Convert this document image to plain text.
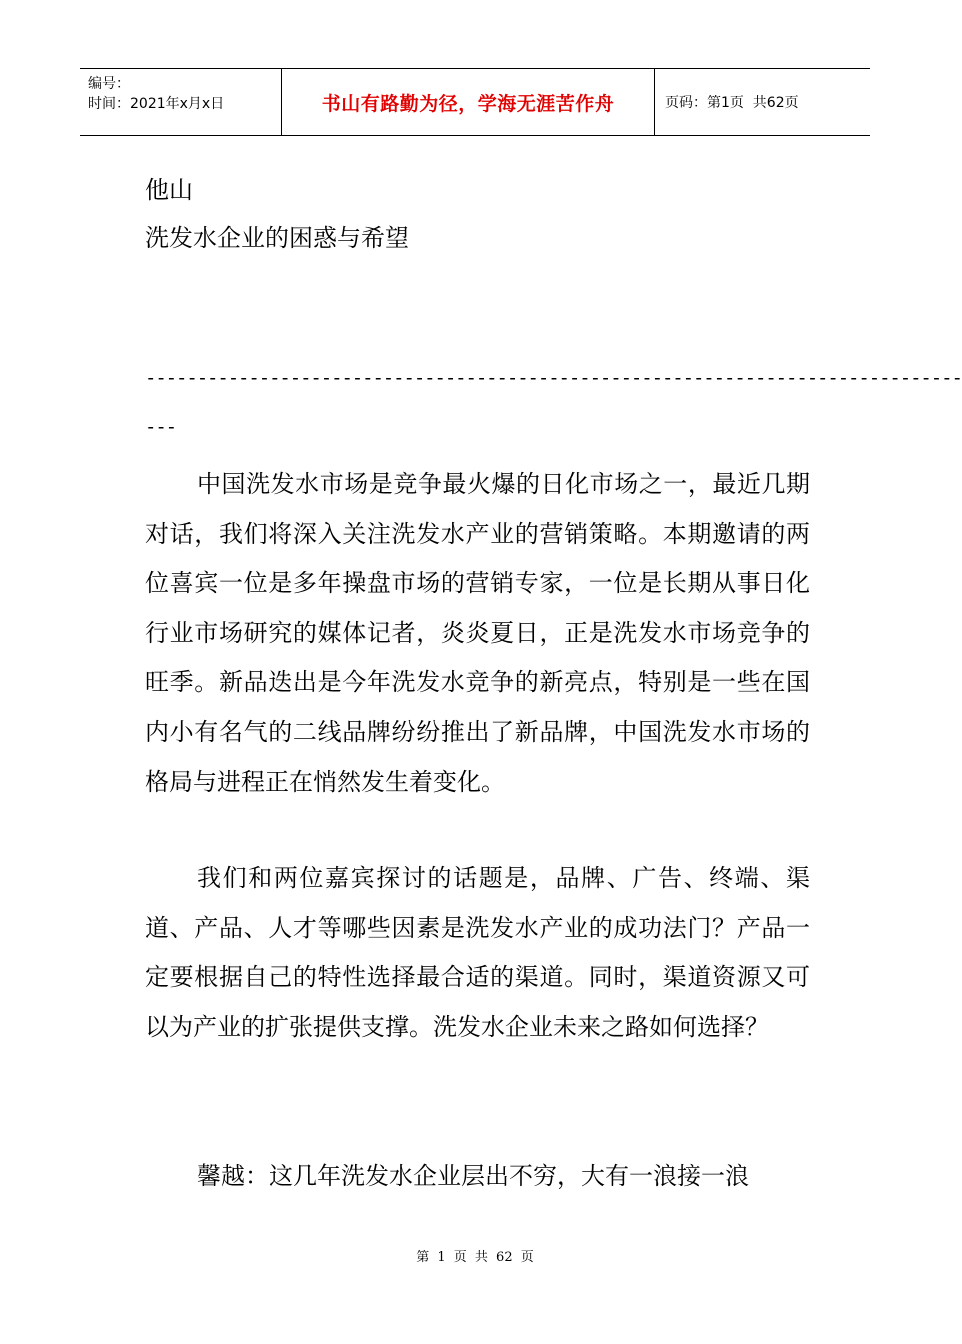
编号：
时间：2021年x月x日	书山有路勤为径，学海无涯苦作舟	页码：第1页  共62页
他山
洗发水企业的困惑与希望
-------------------------------------------------------------------------------
---
中国洗发水市场是竞争最火爆的日化市场之一，最近几期对话，我们将深入关注洗发水产业的营销策略。本期邀请的两位喜宾一位是多年操盘市场的营销专家，一位是长期从事日化行业市场研究的媒体记者，炎炎夏日，正是洗发水市场竞争的旺季。新品迭出是今年洗发水竞争的新亮点，特别是一些在国内小有名气的二线品牌纷纷推出了新品牌，中国洗发水市场的格局与进程正在悄然发生着变化。
我们和两位嘉宾探讨的话题是，品牌、广告、终端、渠道、产品、人才等哪些因素是洗发水产业的成功法门？产品一定要根据自己的特性选择最合适的渠道。同时，渠道资源又可以为产业的扩张提供支撑。洗发水企业未来之路如何选择？
馨越：这几年洗发水企业层出不穷，大有一浪接一浪
第 1 页 共 62 页
